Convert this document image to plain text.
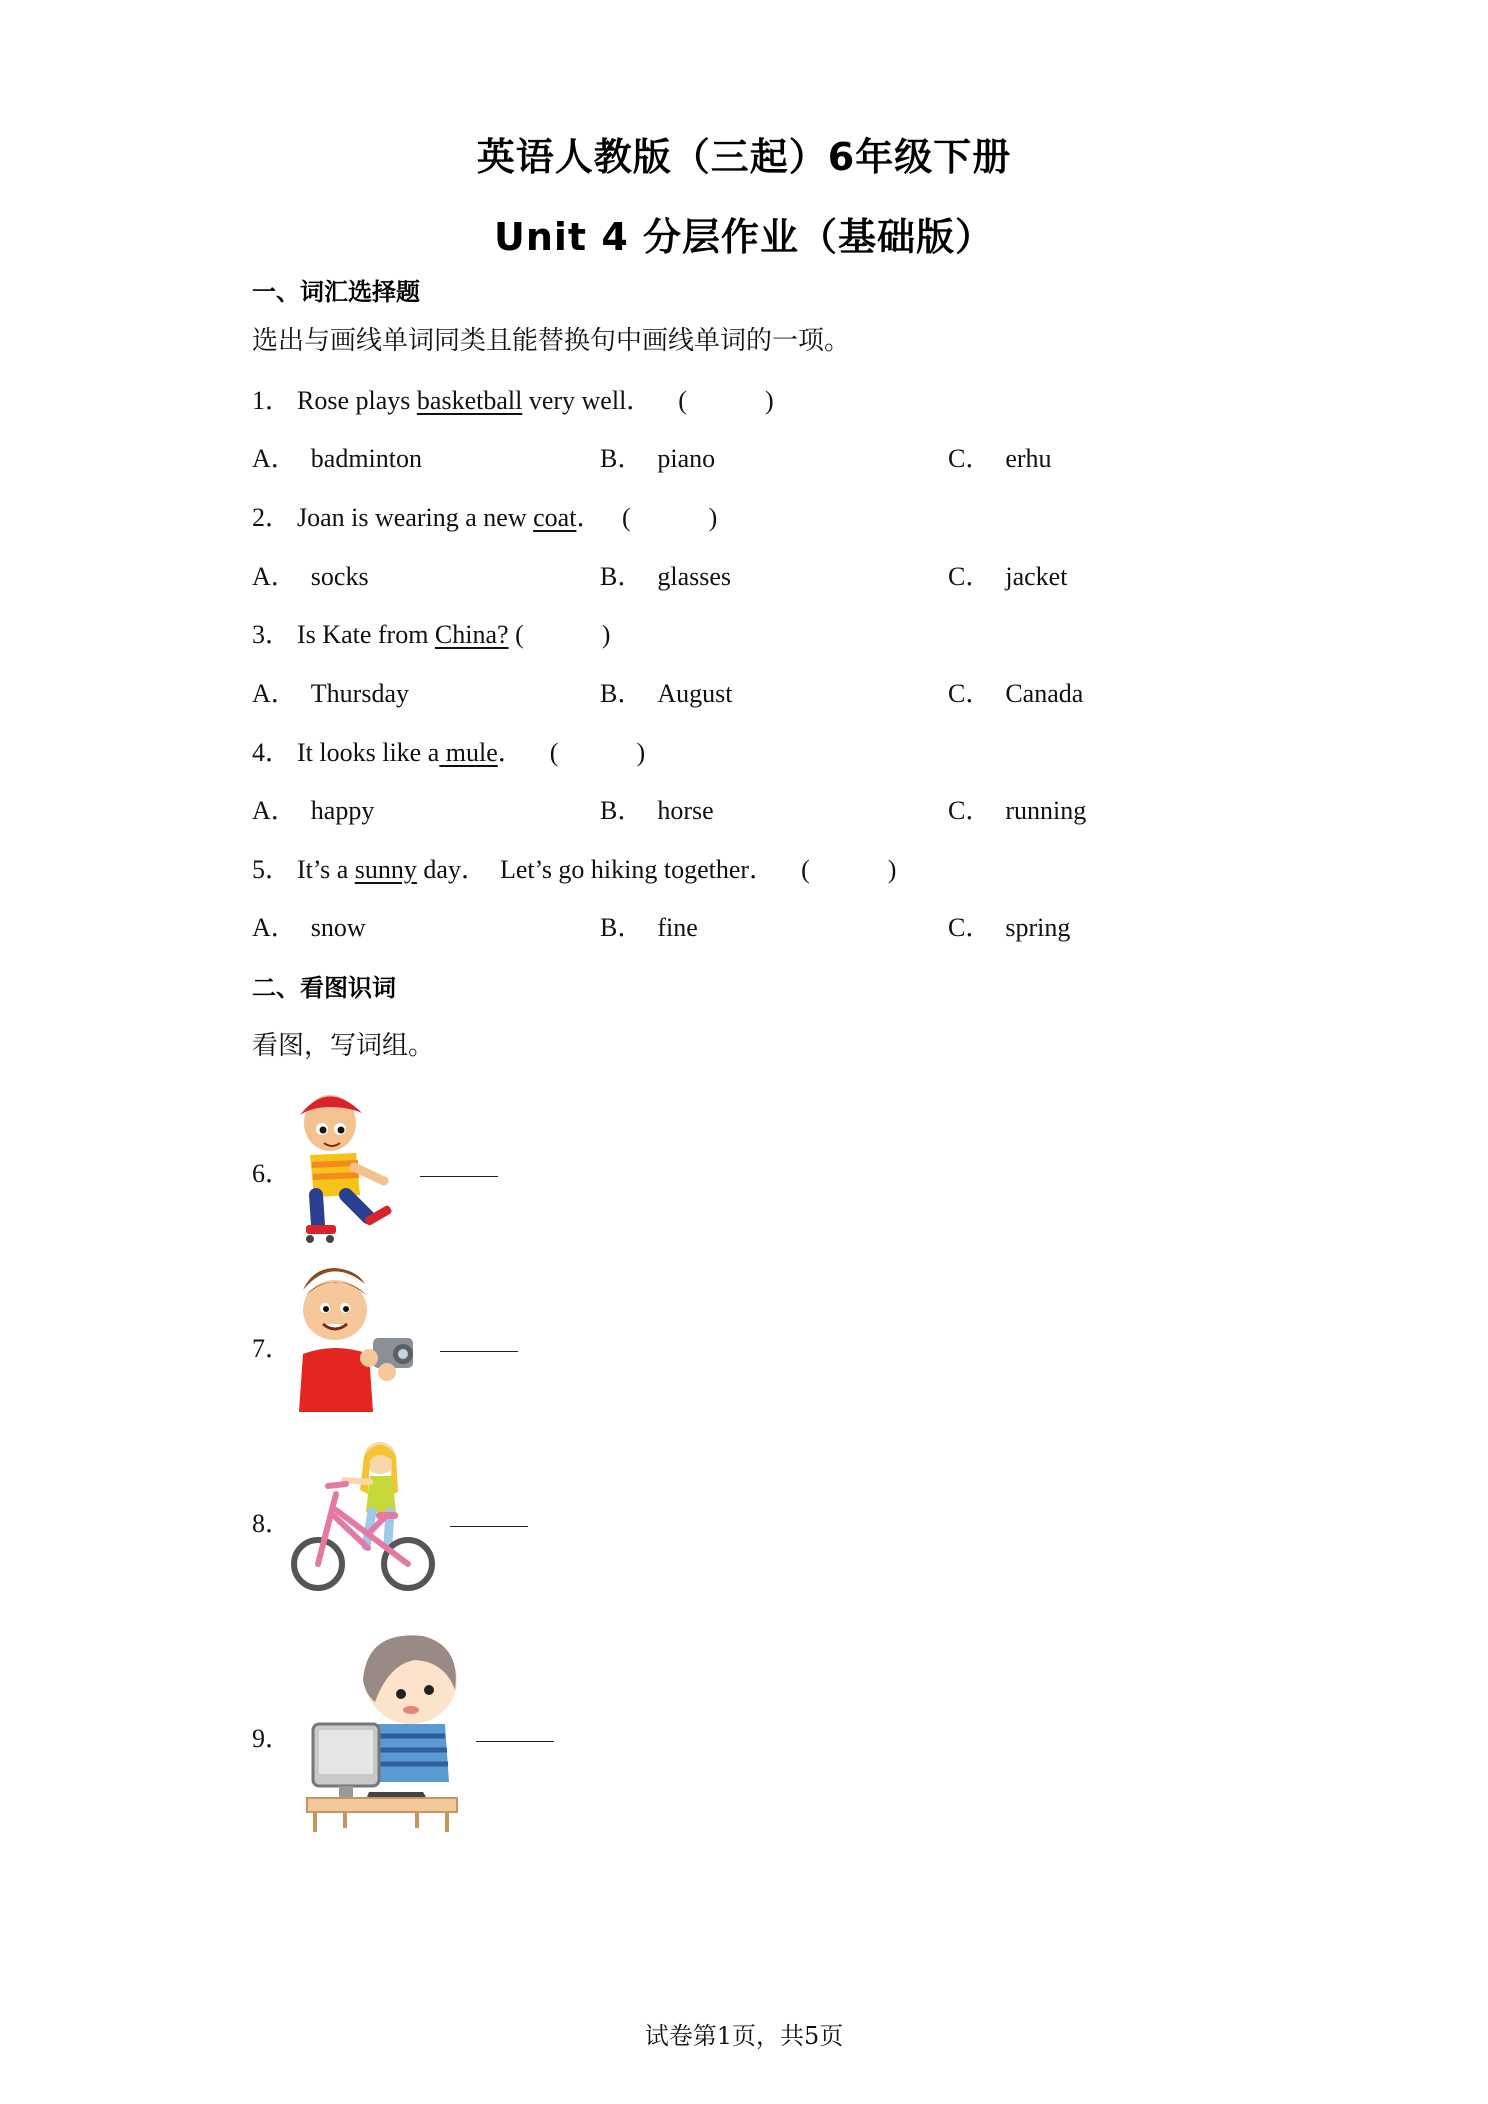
英语人教版（三起）6年级下册
Unit 4 分层作业（基础版）
一、词汇选择题
选出与画线单词同类且能替换句中画线单词的一项。
1． Rose plays basketball very well． (　　　)
A． badminton	B． piano	C． erhu
2． Joan is wearing a new coat． (　　　)
A． socks	B． glasses	C． jacket
3． Is Kate from China? (　　　)
A． Thursday	B． August	C． Canada
4． It looks like a mule． (　　　)
A． happy	B． horse	C． running
5． It’s a sunny day．  Let’s go hiking together． (　　　)
A． snow	B． fine	C． spring
二、看图识词
看图，写词组。
6．
7．
8．
9．
试卷第1页，共5页
